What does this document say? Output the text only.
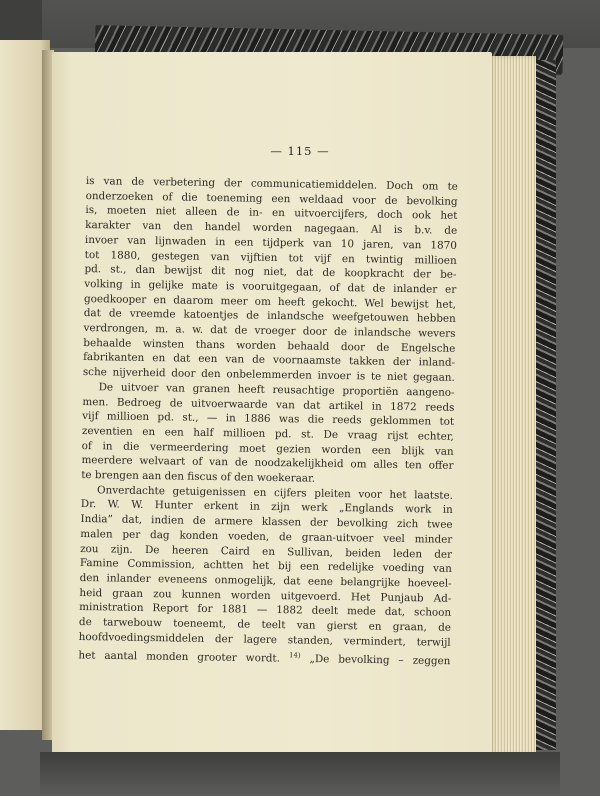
— 115 —

is van de verbetering der communicatiemiddelen. Doch om te

onderzoeken of die toeneming een weldaad voor de bevolking

is, moeten niet alleen de in- en uitvoercijfers, doch ook het

karakter van den handel worden nagegaan. Al is b.v. de

invoer van lijnwaden in een tijdperk van 10 jaren, van 1870

tot 1880, gestegen van vijftien tot vijf en twintig millioen

pd. st., dan bewijst dit nog niet, dat de koopkracht der be-

volking in gelijke mate is vooruitgegaan, of dat de inlander er

goedkooper en daarom meer om heeft gekocht. Wel bewijst het,

dat de vreemde katoentjes de inlandsche weefgetouwen hebben

verdrongen, m. a. w. dat de vroeger door de inlandsche wevers

behaalde winsten thans worden behaald door de Engelsche

fabrikanten en dat een van de voornaamste takken der inland-

sche nijverheid door den onbelemmerden invoer is te niet gegaan.

De uitvoer van granen heeft reusachtige proportiën aangeno-

men. Bedroeg de uitvoerwaarde van dat artikel in 1872 reeds

vijf millioen pd. st., — in 1886 was die reeds geklommen tot

zeventien en een half millioen pd. st. De vraag rijst echter,

of in die vermeerdering moet gezien worden een blijk van

meerdere welvaart of van de noodzakelijkheid om alles ten offer

te brengen aan den fiscus of den woekeraar.

Onverdachte getuigenissen en cijfers pleiten voor het laatste.

Dr. W. W. Hunter erkent in zijn werk „Englands work in

India” dat, indien de armere klassen der bevolking zich twee

malen per dag konden voeden, de graan-uitvoer veel minder

zou zijn. De heeren Caird en Sullivan, beiden leden der

Famine Commission, achtten het bij een redelijke voeding van

den inlander eveneens onmogelijk, dat eene belangrijke hoeveel-

heid graan zou kunnen worden uitgevoerd. Het Punjaub Ad-

ministration Report for 1881 — 1882 deelt mede dat, schoon

de tarwebouw toeneemt, de teelt van gierst en graan, de

hoofdvoedingsmiddelen der lagere standen, vermindert, terwijl

het aantal monden grooter wordt. $^{14)}$ „De bevolking – zeggen
